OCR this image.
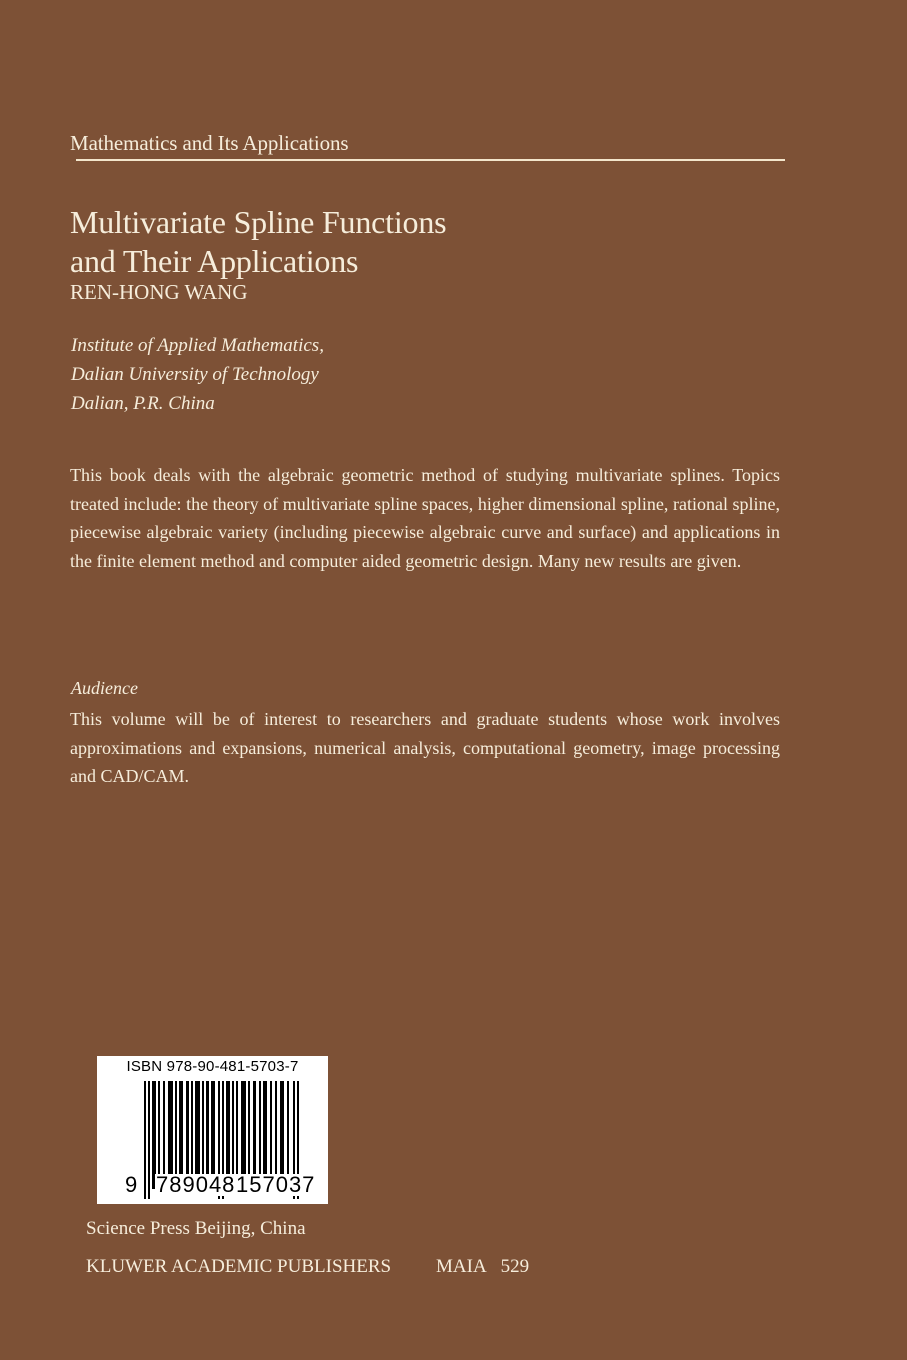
Mathematics and Its Applications
Multivariate Spline Functions
and Their Applications
REN-HONG WANG
Institute of Applied Mathematics,
Dalian University of Technology
Dalian, P.R. China
This book deals with the algebraic geometric method of studying multivariate splines. Topics treated include: the theory of multivariate spline spaces, higher dimensional spline, rational spline, piecewise algebraic variety (including piecewise algebraic curve and surface) and applications in the finite element method and computer aided geometric design. Many new results are given.
Audience
This volume will be of interest to researchers and graduate students whose work involves approximations and expansions, numerical analysis, computational geometry, image processing and CAD/CAM.
ISBN 978-90-481-5703-7
9 789048 157037
Science Press Beijing, China
KLUWER ACADEMIC PUBLISHERS MAIA 529
